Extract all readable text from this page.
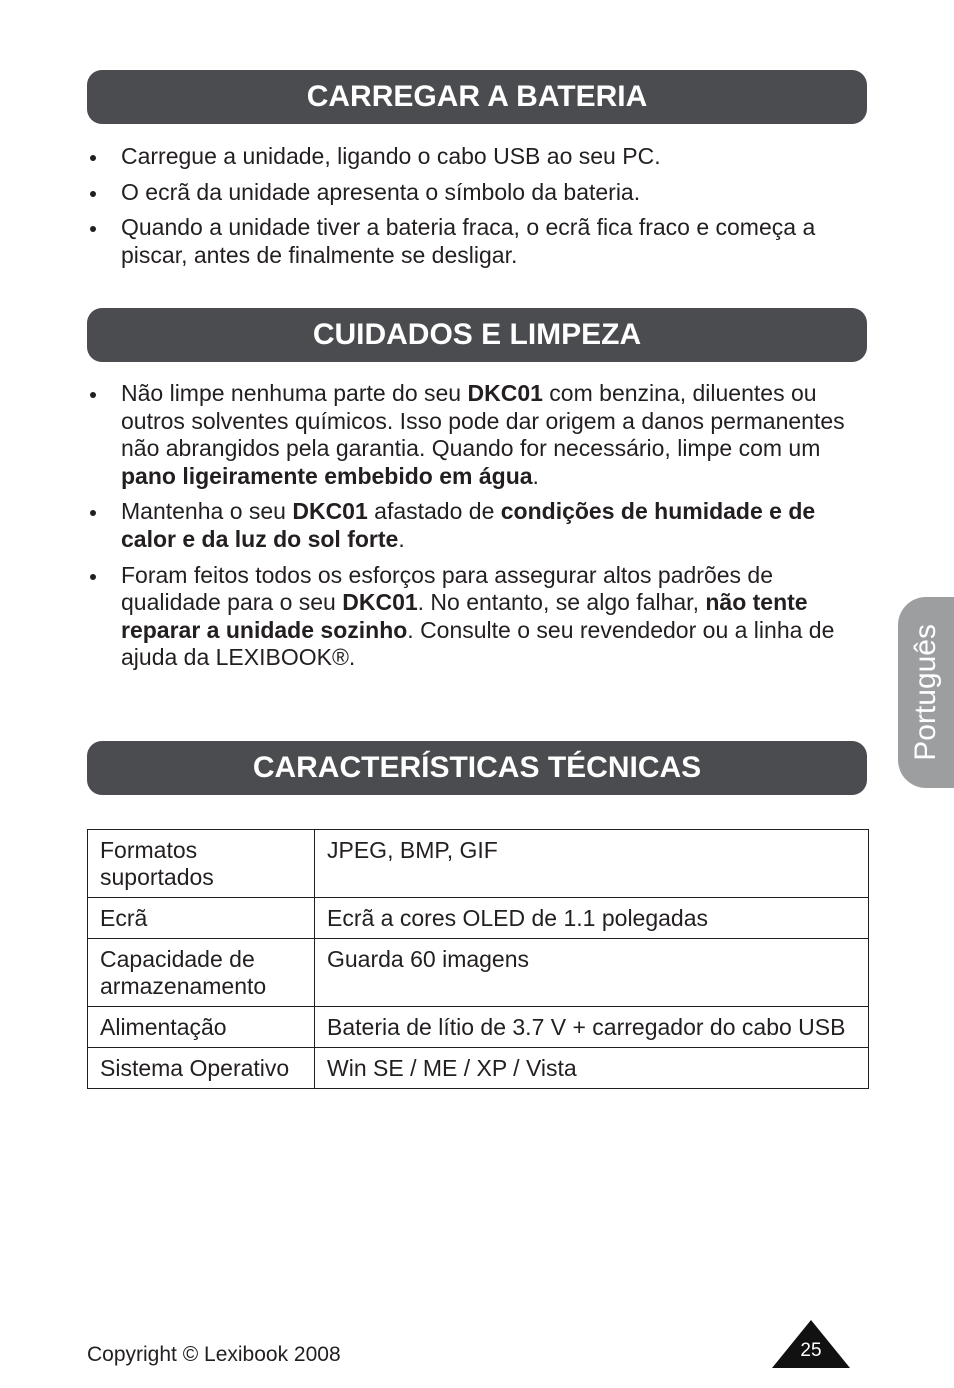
CARREGAR A BATERIA
Carregue a unidade, ligando o cabo USB ao seu PC.
O ecrã da unidade apresenta o símbolo da bateria.
Quando a unidade tiver a bateria fraca, o ecrã fica fraco e começa a piscar, antes de finalmente se desligar.
CUIDADOS E LIMPEZA
Não limpe nenhuma parte do seu DKC01 com benzina, diluentes ou outros solventes químicos. Isso pode dar origem a danos permanentes não abrangidos pela garantia. Quando for necessário, limpe com um pano ligeiramente embebido em água.
Mantenha o seu DKC01 afastado de condições de humidade e de calor e da luz do sol forte.
Foram feitos todos os esforços para assegurar altos padrões de qualidade para o seu DKC01. No entanto, se algo falhar, não tente reparar a unidade sozinho. Consulte o seu revendedor ou a linha de ajuda da LEXIBOOK®.
CARACTERÍSTICAS TÉCNICAS
Formatos suportados	JPEG, BMP, GIF
Ecrã	Ecrã a cores OLED de 1.1 polegadas
Capacidade de armazenamento	Guarda 60 imagens
Alimentação	Bateria de lítio de 3.7 V + carregador do cabo USB
Sistema Operativo	Win SE / ME / XP / Vista
Português
Copyright © Lexibook 2008	25
